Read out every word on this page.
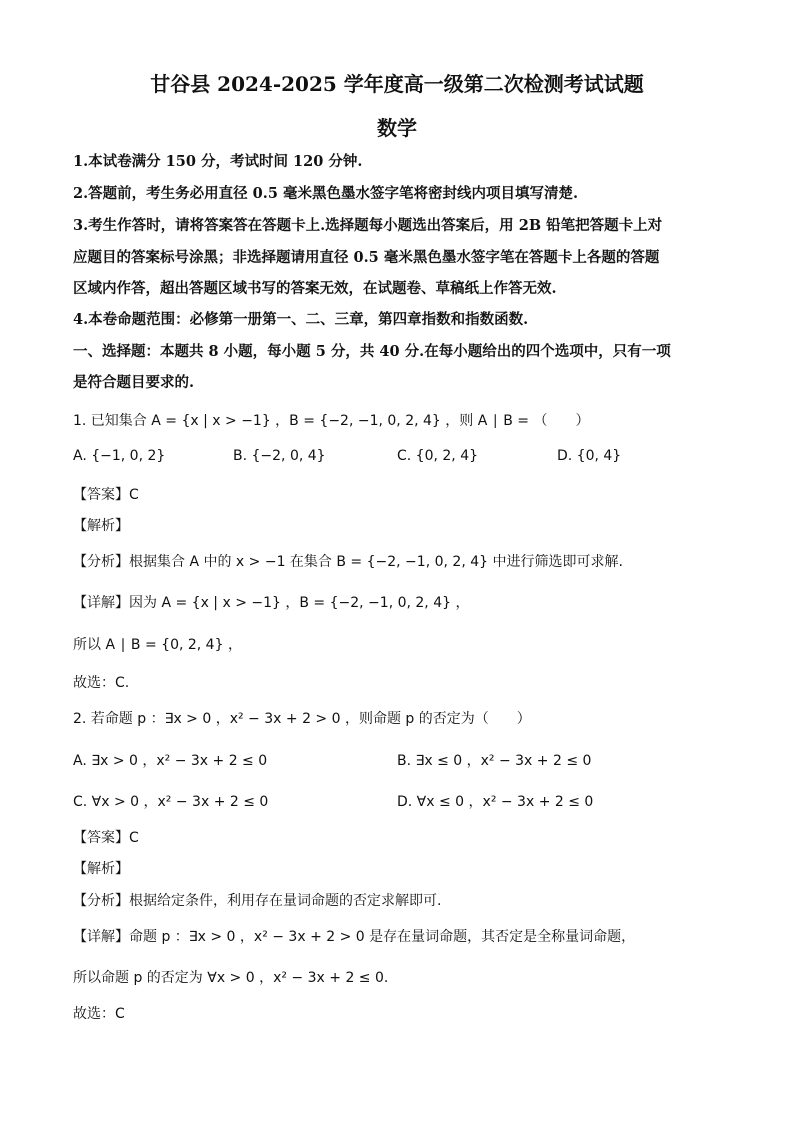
甘谷县 2024-2025 学年度高一级第二次检测考试试题
数学
1.本试卷满分 150 分，考试时间 120 分钟.
2.答题前，考生务必用直径 0.5 毫米黑色墨水签字笔将密封线内项目填写清楚.
3.考生作答时，请将答案答在答题卡上.选择题每小题选出答案后，用 2B 铅笔把答题卡上对
应题目的答案标号涂黑；非选择题请用直径 0.5 毫米黑色墨水签字笔在答题卡上各题的答题
区域内作答，超出答题区域书写的答案无效，在试题卷、草稿纸上作答无效.
4.本卷命题范围：必修第一册第一、二、三章，第四章指数和指数函数.
一、选择题：本题共 8 小题，每小题 5 分，共 40 分.在每小题给出的四个选项中，只有一项
是符合题目要求的.
1. 已知集合 A = {x | x > −1} ，B = {−2, −1, 0, 2, 4} ，则 A ∣ B = （　　）
A. {−1, 0, 2}	B. {−2, 0, 4}	C. {0, 2, 4}	D. {0, 4}
【答案】C
【解析】
【分析】根据集合 A 中的 x > −1 在集合 B = {−2, −1, 0, 2, 4} 中进行筛选即可求解.
【详解】因为 A = {x | x > −1} ，B = {−2, −1, 0, 2, 4} ，
所以 A ∣ B = {0, 2, 4} ，
故选：C.
2. 若命题 p ：∃x > 0 ，x² − 3x + 2 > 0 ，则命题 p 的否定为（　　）
A. ∃x > 0 ，x² − 3x + 2 ≤ 0	B. ∃x ≤ 0 ，x² − 3x + 2 ≤ 0
C. ∀x > 0 ，x² − 3x + 2 ≤ 0	D. ∀x ≤ 0 ，x² − 3x + 2 ≤ 0
【答案】C
【解析】
【分析】根据给定条件，利用存在量词命题的否定求解即可.
【详解】命题 p ：∃x > 0 ，x² − 3x + 2 > 0 是存在量词命题，其否定是全称量词命题，
所以命题 p 的否定为 ∀x > 0 ，x² − 3x + 2 ≤ 0.
故选：C
